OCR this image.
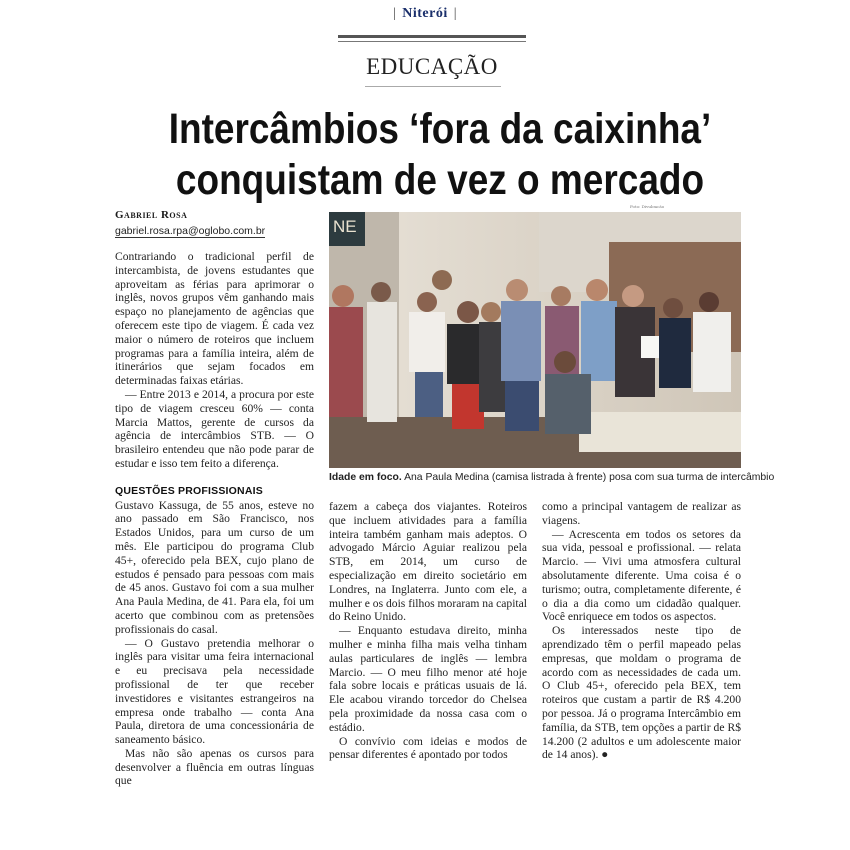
| Niterói |
EDUCAÇÃO
Intercâmbios ‘fora da caixinha’
conquistam de vez o mercado
Gabriel Rosa
gabriel.rosa.rpa@oglobo.com.br

Contrariando o tradicional perfil de intercambista, de jovens estudantes que aproveitam as férias para aprimorar o inglês, novos grupos vêm ganhando mais espaço no planejamento de agências que oferecem este tipo de viagem. É cada vez maior o número de roteiros que incluem programas para a família inteira, além de itinerários que sejam focados em determinadas faixas etárias.

— Entre 2013 e 2014, a procura por este tipo de viagem cresceu 60% — conta Marcia Mattos, gerente de cursos da agência de intercâmbios STB. — O brasileiro entendeu que não pode parar de estudar e isso tem feito a diferença.

QUESTÕES PROFISSIONAIS

Gustavo Kassuga, de 55 anos, esteve no ano passado em São Francisco, nos Estados Unidos, para um curso de um mês. Ele participou do programa Club 45+, oferecido pela BEX, cujo plano de estudos é pensado para pessoas com mais de 45 anos. Gustavo foi com a sua mulher Ana Paula Medina, de 41. Para ela, foi um acerto que combinou com as pretensões profissionais do casal.

— O Gustavo pretendia melhorar o inglês para visitar uma feira internacional e eu precisava pela necessidade profissional de ter que receber investidores e visitantes estrangeiros na empresa onde trabalho — conta Ana Paula, diretora de uma concessionária de saneamento básico.

Mas não são apenas os cursos para desenvolver a fluência em outras línguas que

Foto: Divulgação
NE
Idade em foco. Ana Paula Medina (camisa listrada à frente) posa com sua turma de intercâmbio

fazem a cabeça dos viajantes. Roteiros que incluem atividades para a família inteira também ganham mais adeptos. O advogado Márcio Aguiar realizou pela STB, em 2014, um curso de especialização em direito societário em Londres, na Inglaterra. Junto com ele, a mulher e os dois filhos moraram na capital do Reino Unido.

— Enquanto estudava direito, minha mulher e minha filha mais velha tinham aulas particulares de inglês — lembra Marcio. — O meu filho menor até hoje fala sobre locais e práticas usuais de lá. Ele acabou virando torcedor do Chelsea pela proximidade da nossa casa com o estádio.

O convívio com ideias e modos de pensar diferentes é apontado por todos

como a principal vantagem de realizar as viagens.

— Acrescenta em todos os setores da sua vida, pessoal e profissional. — relata Marcio. — Vivi uma atmosfera cultural absolutamente diferente. Uma coisa é o turismo; outra, completamente diferente, é o dia a dia como um cidadão qualquer. Você enriquece em todos os aspectos.

Os interessados neste tipo de aprendizado têm o perfil mapeado pelas empresas, que moldam o programa de acordo com as necessidades de cada um. O Club 45+, oferecido pela BEX, tem roteiros que custam a partir de R$ 4.200 por pessoa. Já o programa Intercâmbio em família, da STB, tem opções a partir de R$ 14.200 (2 adultos e um adolescente maior de 14 anos). ●
